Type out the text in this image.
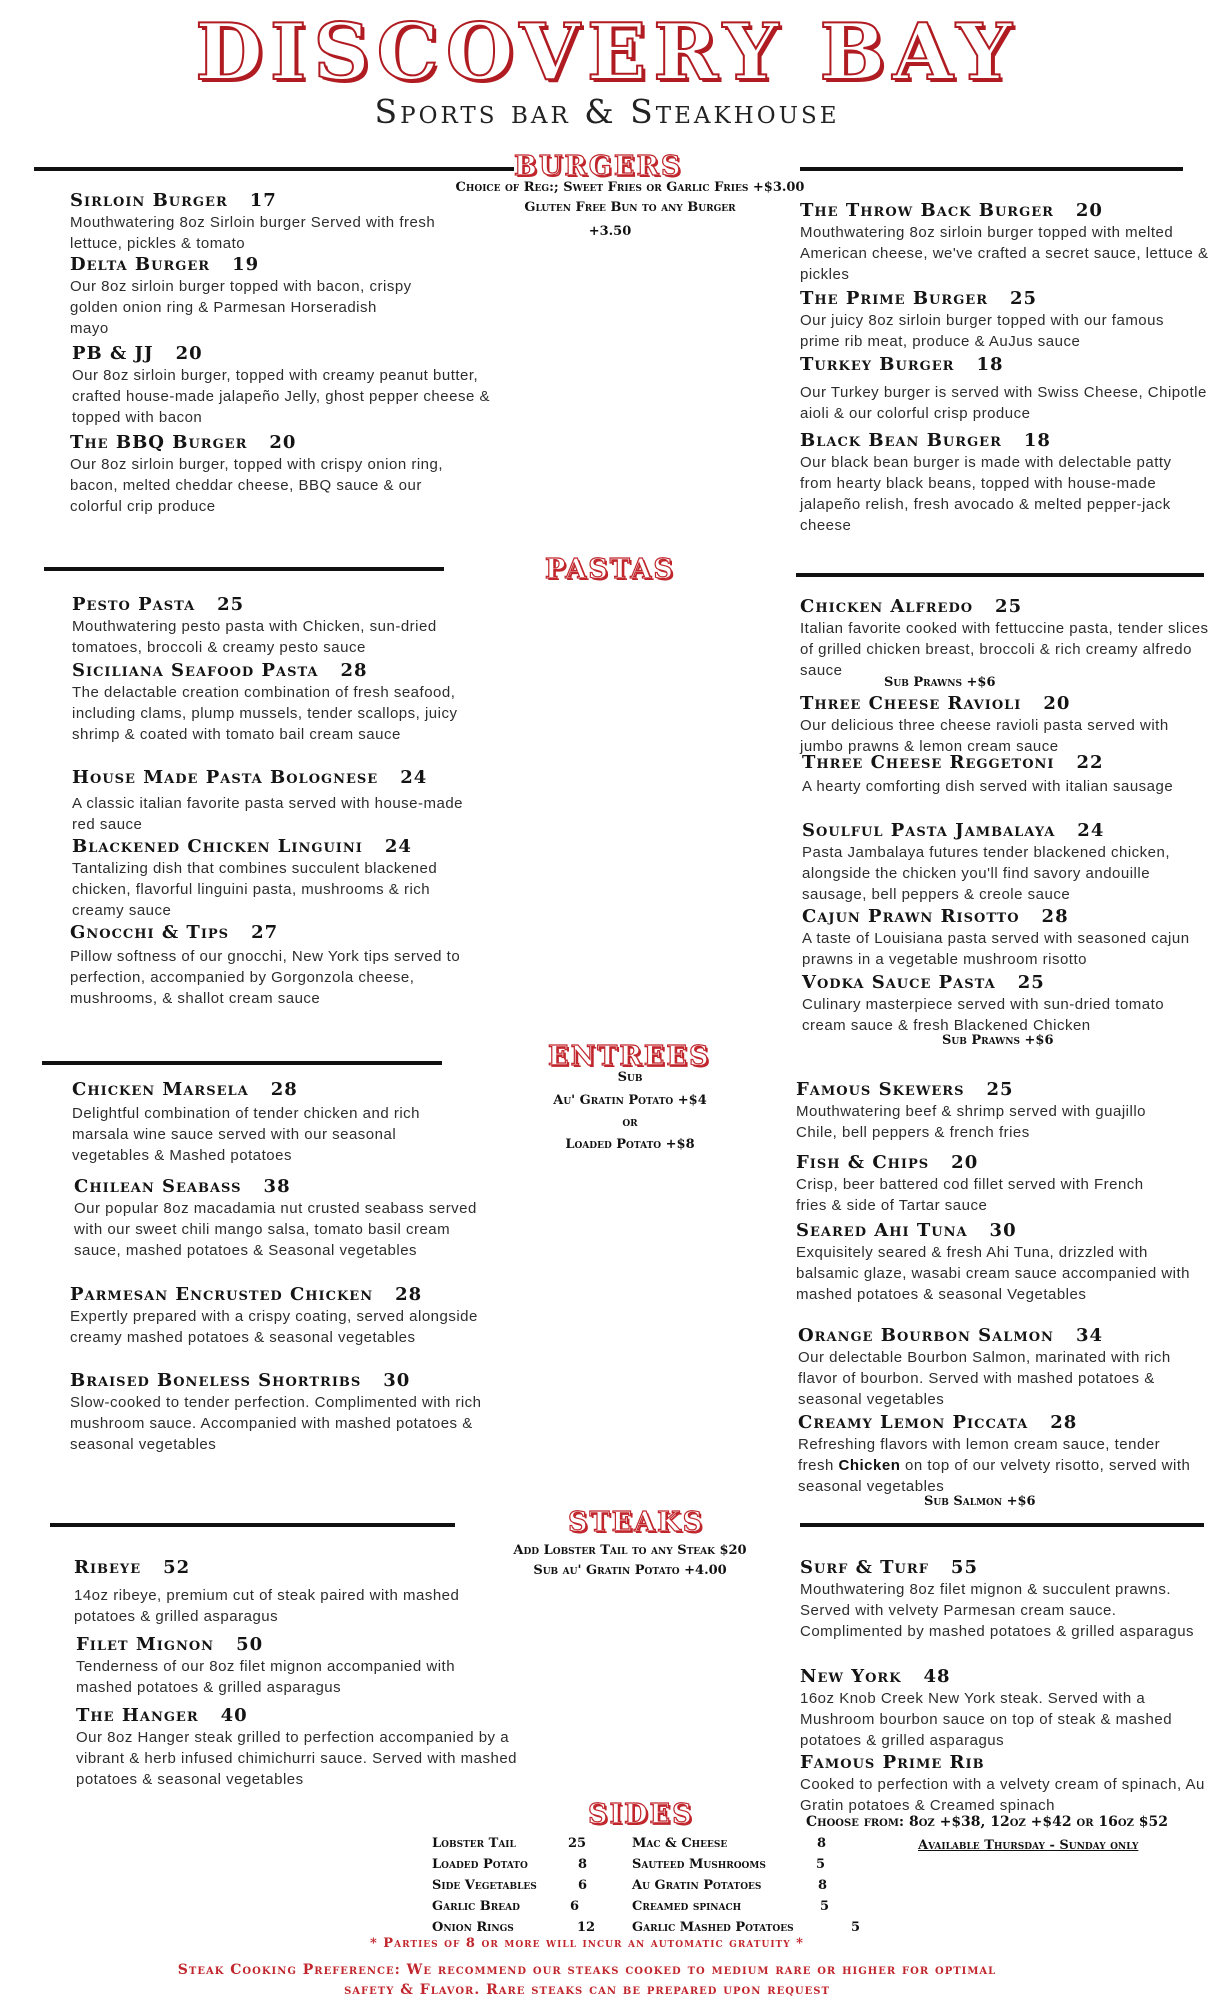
DISCOVERY BAY
Sports bar & Steakhouse
BURGERS
Choice of Reg:; Sweet Fries or Garlic Fries +$3.00
Gluten Free Bun to any Burger
+3.50
Sirloin Burger 17
Mouthwatering 8oz Sirloin burger Served with fresh lettuce, pickles & tomato
Delta Burger 19
Our 8oz sirloin burger topped with bacon, crispy golden onion ring & Parmesan Horseradish mayo
PB & JJ 20
Our 8oz sirloin burger, topped with creamy peanut butter, crafted house-made jalapeño Jelly, ghost pepper cheese & topped with bacon
The BBQ Burger 20
Our 8oz sirloin burger, topped with crispy onion ring, bacon, melted cheddar cheese, BBQ sauce & our colorful crip produce
The Throw Back Burger 20
Mouthwatering 8oz sirloin burger topped with melted American cheese, we've crafted a secret sauce, lettuce & pickles
The Prime Burger 25
Our juicy 8oz sirloin burger topped with our famous prime rib meat, produce & AuJus sauce
Turkey Burger 18
Our Turkey burger is served with Swiss Cheese, Chipotle aioli & our colorful crisp produce
Black Bean Burger 18
Our black bean burger is made with delectable patty from hearty black beans, topped with house-made jalapeño relish, fresh avocado & melted pepper-jack cheese
PASTAS
Pesto Pasta 25
Mouthwatering pesto pasta with Chicken, sun-dried tomatoes, broccoli & creamy pesto sauce
Siciliana Seafood Pasta 28
The delactable creation combination of fresh seafood, including clams, plump mussels, tender scallops, juicy shrimp & coated with tomato bail cream sauce
House Made Pasta Bolognese 24
A classic italian favorite pasta served with house-made red sauce
Blackened Chicken Linguini 24
Tantalizing dish that combines succulent blackened chicken, flavorful linguini pasta, mushrooms & rich creamy sauce
Gnocchi & Tips 27
Pillow softness of our gnocchi, New York tips served to perfection, accompanied by Gorgonzola cheese, mushrooms, & shallot cream sauce
Chicken Alfredo 25
Italian favorite cooked with fettuccine pasta, tender slices of grilled chicken breast, broccoli & rich creamy alfredo sauce
Sub Prawns +$6
Three Cheese Ravioli 20
Our delicious three cheese ravioli pasta served with jumbo prawns & lemon cream sauce
Three Cheese Reggetoni 22
A hearty comforting dish served with italian sausage
Soulful Pasta Jambalaya 24
Pasta Jambalaya futures tender blackened chicken, alongside the chicken you'll find savory andouille sausage, bell peppers & creole sauce
Cajun Prawn Risotto 28
A taste of Louisiana pasta served with seasoned cajun prawns in a vegetable mushroom risotto
Vodka Sauce Pasta 25
Culinary masterpiece served with sun-dried tomato cream sauce & fresh Blackened Chicken
Sub Prawns +$6
ENTREES
Sub
Au' Gratin Potato +$4
or
Loaded Potato +$8
Chicken Marsela 28
Delightful combination of tender chicken and rich marsala wine sauce served with our seasonal vegetables & Mashed potatoes
Chilean Seabass 38
Our popular 8oz macadamia nut crusted seabass served with our sweet chili mango salsa, tomato basil cream sauce, mashed potatoes & Seasonal vegetables
Parmesan Encrusted Chicken 28
Expertly prepared with a crispy coating, served alongside creamy mashed potatoes & seasonal vegetables
Braised Boneless Shortribs 30
Slow-cooked to tender perfection. Complimented with rich mushroom sauce. Accompanied with mashed potatoes & seasonal vegetables
Famous Skewers 25
Mouthwatering beef & shrimp served with guajillo Chile, bell peppers & french fries
Fish & Chips 20
Crisp, beer battered cod fillet served with French fries & side of Tartar sauce
Seared Ahi Tuna 30
Exquisitely seared & fresh Ahi Tuna, drizzled with balsamic glaze, wasabi cream sauce accompanied with mashed potatoes & seasonal Vegetables
Orange Bourbon Salmon 34
Our delectable Bourbon Salmon, marinated with rich flavor of bourbon. Served with mashed potatoes & seasonal vegetables
Creamy Lemon Piccata 28
Refreshing flavors with lemon cream sauce, tender fresh Chicken on top of our velvety risotto, served with seasonal vegetables
Sub Salmon +$6
STEAKS
Add Lobster Tail to any Steak $20
Sub au' Gratin Potato +4.00
Ribeye 52
14oz ribeye, premium cut of steak paired with mashed potatoes & grilled asparagus
Filet Mignon 50
Tenderness of our 8oz filet mignon accompanied with mashed potatoes & grilled asparagus
The Hanger 40
Our 8oz Hanger steak grilled to perfection accompanied by a vibrant & herb infused chimichurri sauce. Served with mashed potatoes & seasonal vegetables
Surf & Turf 55
Mouthwatering 8oz filet mignon & succulent prawns. Served with velvety Parmesan cream sauce. Complimented by mashed potatoes & grilled asparagus
New York 48
16oz Knob Creek New York steak. Served with a Mushroom bourbon sauce on top of steak & mashed potatoes & grilled asparagus
Famous Prime Rib
Cooked to perfection with a velvety cream of spinach, Au Gratin potatoes & Creamed spinach
Choose from: 8oz +$38, 12oz +$42 or 16oz $52
Available Thursday - Sunday only
SIDES
Lobster Tail	25
Loaded Potato	8
Side Vegetables	6
Garlic Bread	6
Onion Rings	12
Mac & Cheese	8
Sauteed Mushrooms	5
Au Gratin Potatoes	8
Creamed spinach	5
Garlic Mashed Potatoes	5
* Parties of 8 or more will incur an automatic gratuity *
Steak Cooking Preference: We recommend our steaks cooked to medium rare or higher for optimal
safety & Flavor. Rare steaks can be prepared upon request
